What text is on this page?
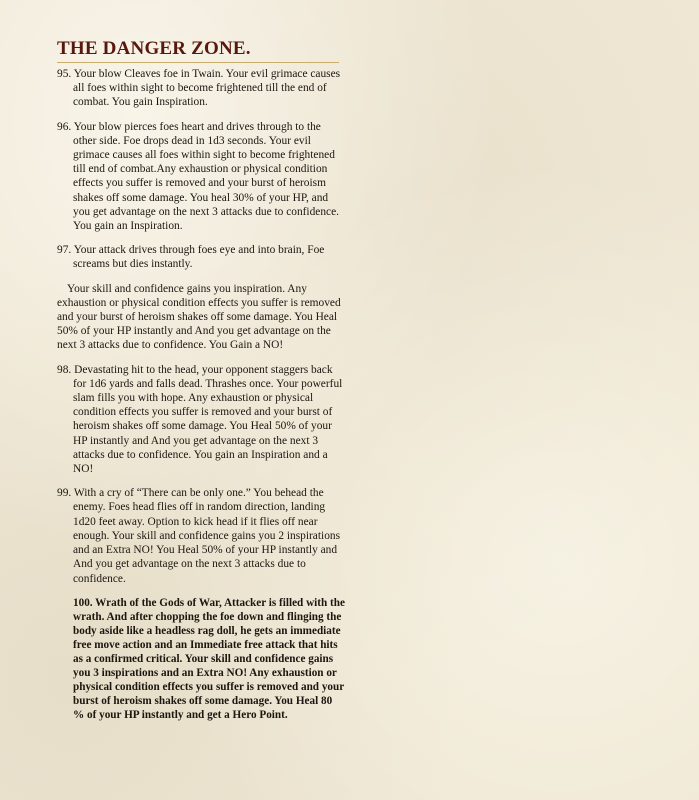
THE DANGER ZONE.

95. Your blow Cleaves foe in Twain. Your evil grimace causes all foes within sight to become frightened till the end of combat. You gain Inspiration.

96. Your blow pierces foes heart and drives through to the other side. Foe drops dead in 1d3 seconds. Your evil grimace causes all foes within sight to become frightened till end of combat.Any exhaustion or physical condition effects you suffer is removed and your burst of heroism shakes off some damage. You heal 30% of your HP, and you get advantage on the next 3 attacks due to confidence. You gain an Inspiration.

97. Your attack drives through foes eye and into brain, Foe screams but dies instantly.

Your skill and confidence gains you inspiration. Any exhaustion or physical condition effects you suffer is removed and your burst of heroism shakes off some damage. You Heal 50% of your HP instantly and And you get advantage on the next 3 attacks due to confidence. You Gain a NO!

98. Devastating hit to the head, your opponent staggers back for 1d6 yards and falls dead. Thrashes once. Your powerful slam fills you with hope. Any exhaustion or physical condition effects you suffer is removed and your burst of heroism shakes off some damage. You Heal 50% of your HP instantly and And you get advantage on the next 3 attacks due to confidence. You gain an Inspiration and a NO!

99. With a cry of “There can be only one.” You behead the enemy. Foes head flies off in random direction, landing 1d20 feet away. Option to kick head if it flies off near enough. Your skill and confidence gains you 2 inspirations and an Extra NO! You Heal 50% of your HP instantly and And you get advantage on the next 3 attacks due to confidence.

100. Wrath of the Gods of War, Attacker is filled with the wrath. And after chopping the foe down and flinging the body aside like a headless rag doll, he gets an immediate free move action and an Immediate free attack that hits as a confirmed critical. Your skill and confidence gains you 3 inspirations and an Extra NO! Any exhaustion or physical condition effects you suffer is removed and your burst of heroism shakes off some damage. You Heal 80 % of your HP instantly and get a Hero Point.
